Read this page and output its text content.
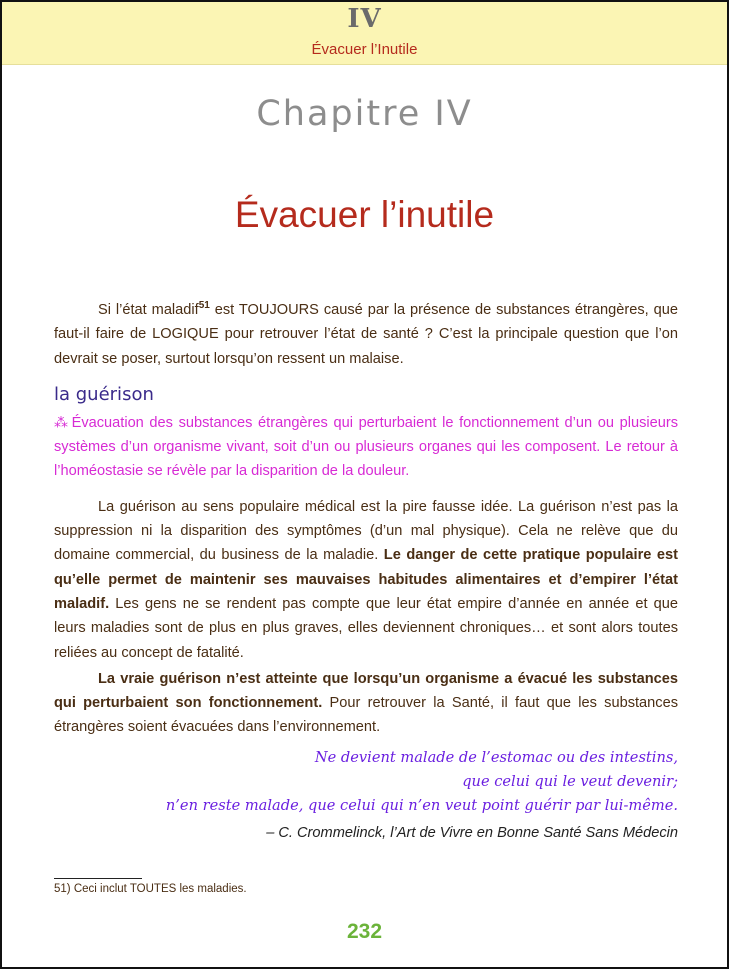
IV
Évacuer l’Inutile
Chapitre IV
Évacuer l’inutile

Si l’état maladif$^{51}$ est TOUJOURS causé par la présence de substances étrangères, que faut-il faire de LOGIQUE pour retrouver l’état de santé ? C’est la principale question que l’on devrait se poser, surtout lorsqu’on ressent un malaise.

la guérison

⁂ Évacuation des substances étrangères qui perturbaient le fonctionnement d’un ou plusieurs systèmes d’un organisme vivant, soit d’un ou plusieurs organes qui les composent. Le retour à l’homéostasie se révèle par la disparition de la douleur.

La guérison au sens populaire médical est la pire fausse idée. La guérison n’est pas la suppression ni la disparition des symptômes (d’un mal physique). Cela ne relève que du domaine commercial, du business de la maladie. Le danger de cette pratique populaire est qu’elle permet de maintenir ses mauvaises habitudes alimentaires et d’empirer l’état maladif. Les gens ne se rendent pas compte que leur état empire d’année en année et que leurs maladies sont de plus en plus graves, elles deviennent chroniques… et sont alors toutes reliées au concept de fatalité.

La vraie guérison n’est atteinte que lorsqu’un organisme a évacué les substances qui perturbaient son fonctionnement. Pour retrouver la Santé, il faut que les substances étrangères soient évacuées dans l’environnement.

Ne devient malade de l’estomac ou des intestins,
que celui qui le veut devenir;
n’en reste malade, que celui qui n’en veut point guérir par lui-même.
– C. Crommelinck, l’Art de Vivre en Bonne Santé Sans Médecin
51) Ceci inclut TOUTES les maladies.
232
